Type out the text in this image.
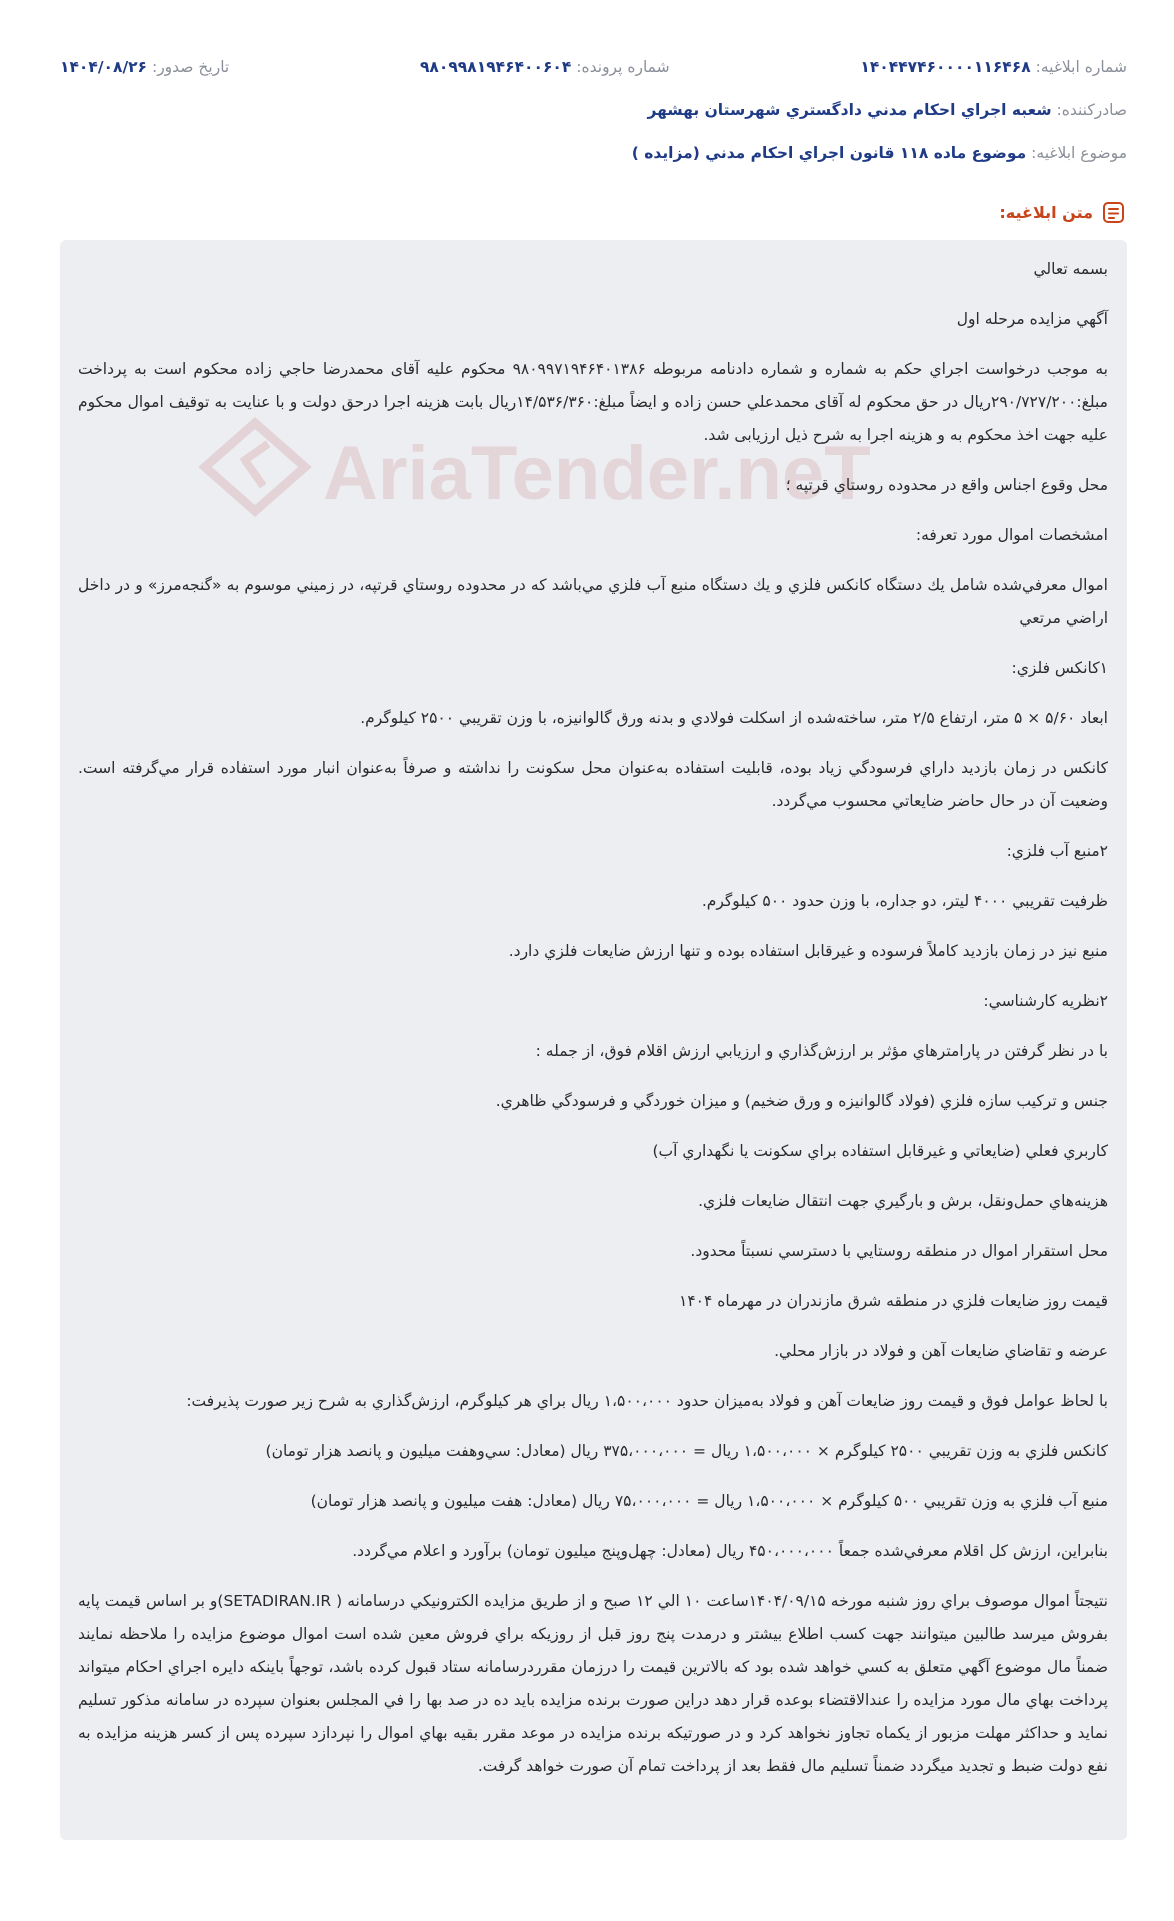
شماره ابلاغيه: ۱۴۰۴۴۷۴۶۰۰۰۰۱۱۶۴۶۸
شماره پرونده: ۹۸۰۹۹۸۱۹۴۶۴۰۰۶۰۴
تاريخ صدور: ۱۴۰۴/۰۸/۲۶
صادرکننده: شعبه اجراي احكام مدني دادگستري شهرستان بهشهر
موضوع ابلاغيه: موضوع ماده ۱۱۸ قانون اجراي احكام مدني (مزايده )
متن ابلاغيه:

بسمه تعالي

آگهي مزايده مرحله اول

به موجب درخواست اجراي حكم به شماره و شماره دادنامه مربوطه ۹۸۰۹۹۷۱۹۴۶۴۰۱۳۸۶ محكوم عليه آقای محمدرضا حاجي زاده محكوم است به پرداخت مبلغ:۲۹۰/۷۲۷/۲۰۰ريال در حق محكوم له آقای محمدعلي حسن زاده و ايضاً مبلغ:۱۴/۵۳۶/۳۶۰ريال بابت هزينه اجرا درحق دولت و با عنايت به توقيف اموال محكوم عليه جهت اخذ محكوم به و هزينه اجرا به شرح ذيل ارزيابی شد.

محل وقوع اجناس واقع در محدوده روستاي قرتپه ؛

امشخصات اموال مورد تعرفه:

اموال معرفي‌شده شامل يك دستگاه كانكس فلزي و يك دستگاه منبع آب فلزي مي‌باشد كه در محدوده روستاي قرتپه، در زميني موسوم به «گنجه‌مرز» و در داخل اراضي مرتعي

۱كانكس فلزي:

ابعاد ۵/۶۰ × ۵ متر، ارتفاع ۲/۵ متر، ساخته‌شده از اسكلت فولادي و بدنه ورق گالوانيزه، با وزن تقريبي ۲۵۰۰ كيلوگرم.

كانكس در زمان بازديد داراي فرسودگي زياد بوده، قابليت استفاده به‌عنوان محل سكونت را نداشته و صرفاً به‌عنوان انبار مورد استفاده قرار مي‌گرفته است. وضعيت آن در حال حاضر ضايعاتي محسوب مي‌گردد.

۲منبع آب فلزي:

ظرفيت تقريبي ۴۰۰۰ ليتر، دو جداره، با وزن حدود ۵۰۰ كيلوگرم.

منبع نيز در زمان بازديد كاملاً فرسوده و غيرقابل استفاده بوده و تنها ارزش ضايعات فلزي دارد.

۲نظريه كارشناسي:

با در نظر گرفتن در پارامترهاي مؤثر بر ارزش‌گذاري و ارزيابي ارزش اقلام فوق، از جمله :

جنس و تركيب سازه فلزي (فولاد گالوانيزه و ورق ضخيم) و ميزان خوردگي و فرسودگي ظاهري.

كاربري فعلي (ضايعاتي و غيرقابل استفاده براي سكونت يا نگهداري آب)

هزينه‌هاي حمل‌ونقل، برش و بارگيري جهت انتقال ضايعات فلزي.

محل استقرار اموال در منطقه روستايي با دسترسي نسبتاً محدود.

قيمت روز ضايعات فلزي در منطقه شرق مازندران در مهرماه ۱۴۰۴

عرضه و تقاضاي ضايعات آهن و فولاد در بازار محلي.

با لحاظ عوامل فوق و قيمت روز ضايعات آهن و فولاد به‌ميزان حدود ۱،۵۰۰،۰۰۰ ريال براي هر كيلوگرم، ارزش‌گذاري به شرح زير صورت پذيرفت:

كانكس فلزي به وزن تقريبي ۲۵۰۰ كيلوگرم × ۱،۵۰۰،۰۰۰ ريال = ۳۷۵،۰۰۰،۰۰۰ ريال (معادل: سي‌وهفت ميليون و پانصد هزار تومان)

منبع آب فلزي به وزن تقريبي ۵۰۰ كيلوگرم × ۱،۵۰۰،۰۰۰ ريال = ۷۵،۰۰۰،۰۰۰ ريال (معادل: هفت ميليون و پانصد هزار تومان)

بنابراين، ارزش كل اقلام معرفي‌شده جمعاً ۴۵۰،۰۰۰،۰۰۰ ريال (معادل: چهل‌وپنج ميليون تومان) برآورد و اعلام مي‌گردد.

نتيجتاً اموال موصوف براي روز شنبه مورخه ۱۴۰۴/۰۹/۱۵ساعت ۱۰ الي ۱۲ صبح و از طريق مزايده الكترونيكي درسامانه ( SETADIRAN.IR)و بر اساس قيمت پايه بفروش ميرسد طالبين ميتوانند جهت كسب اطلاع بيشتر و درمدت پنج روز قبل از روزيكه براي فروش معين شده است اموال موضوع مزايده را ملاحظه نمايند ضمناً مال موضوع آگهي متعلق به كسي خواهد شده بود كه بالاترين قيمت را درزمان مقرردرسامانه ستاد قبول كرده باشد، توجهاً باينكه دايره اجراي احكام ميتواند پرداخت بهاي مال مورد مزايده را عندالاقتضاء بوعده قرار دهد دراين صورت برنده مزايده بايد ده در صد بها را في المجلس بعنوان سپرده در سامانه مذكور تسليم نمايد و حداكثر مهلت مزبور از يكماه تجاوز نخواهد كرد و در صورتيكه برنده مزايده در موعد مقرر بقيه بهاي اموال را نپردازد سپرده پس از كسر هزينه مزايده به نفع دولت ضبط و تجديد ميگردد ضمناً تسليم مال فقط بعد از پرداخت تمام آن صورت خواهد گرفت.
